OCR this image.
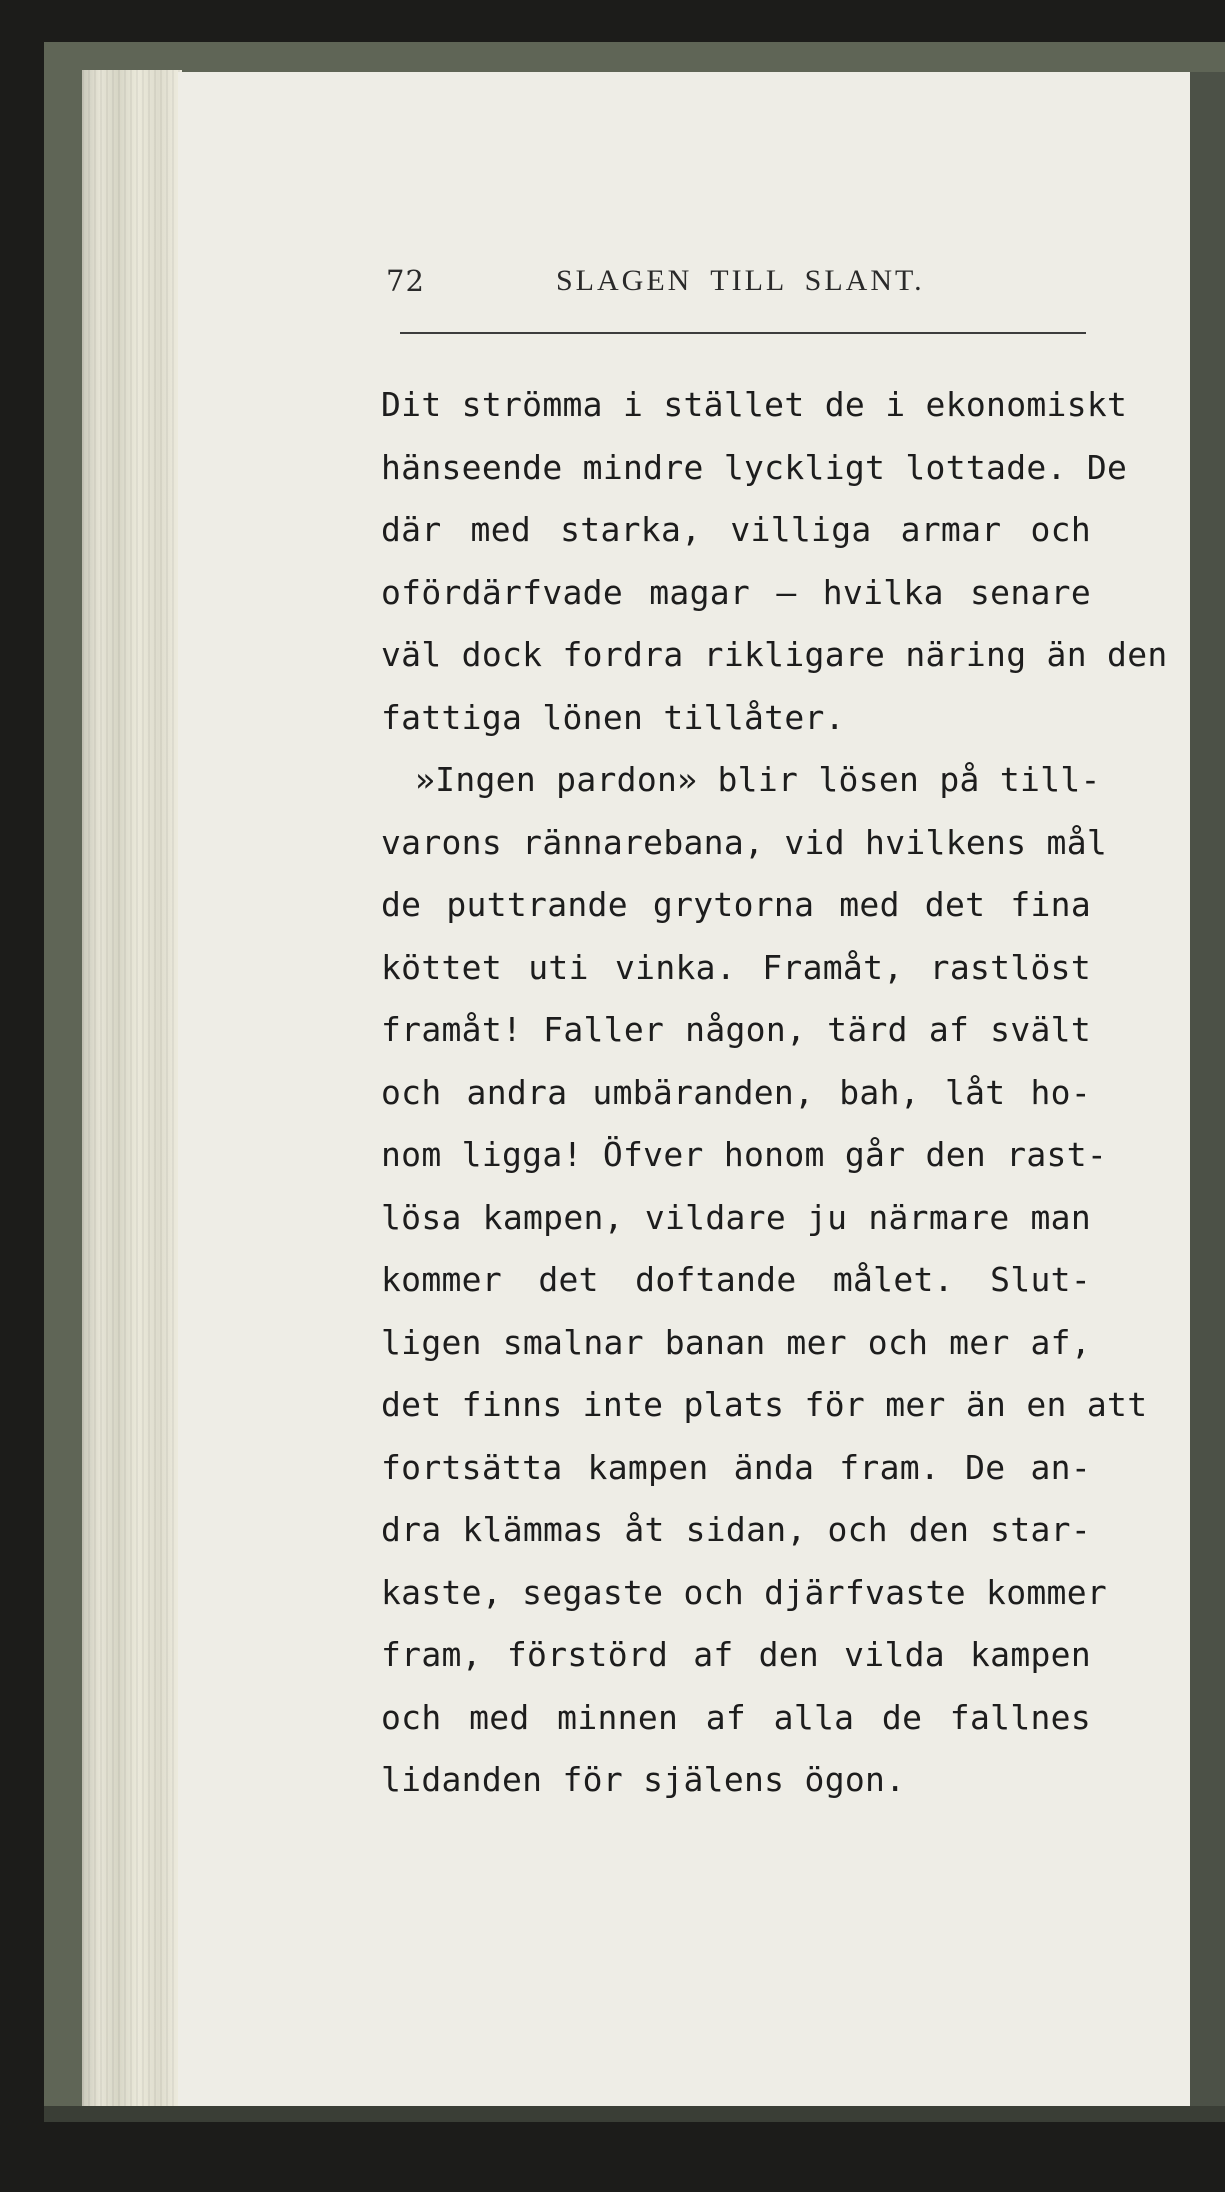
72	SLAGEN TILL SLANT.
Dit strömma i stället de i ekonomiskt
hänseende mindre lyckligt lottade. De
där med starka, villiga armar och
ofördärfvade magar — hvilka senare
väl dock fordra rikligare näring än den
fattiga lönen tillåter.
»Ingen pardon» blir lösen på till-
varons rännarebana, vid hvilkens mål
de puttrande grytorna med det fina
köttet uti vinka. Framåt, rastlöst
framåt! Faller någon, tärd af svält
och andra umbäranden, bah, låt ho-
nom ligga! Öfver honom går den rast-
lösa kampen, vildare ju närmare man
kommer det doftande målet. Slut-
ligen smalnar banan mer och mer af,
det finns inte plats för mer än en att
fortsätta kampen ända fram. De an-
dra klämmas åt sidan, och den star-
kaste, segaste och djärfvaste kommer
fram, förstörd af den vilda kampen
och med minnen af alla de fallnes
lidanden för själens ögon.
